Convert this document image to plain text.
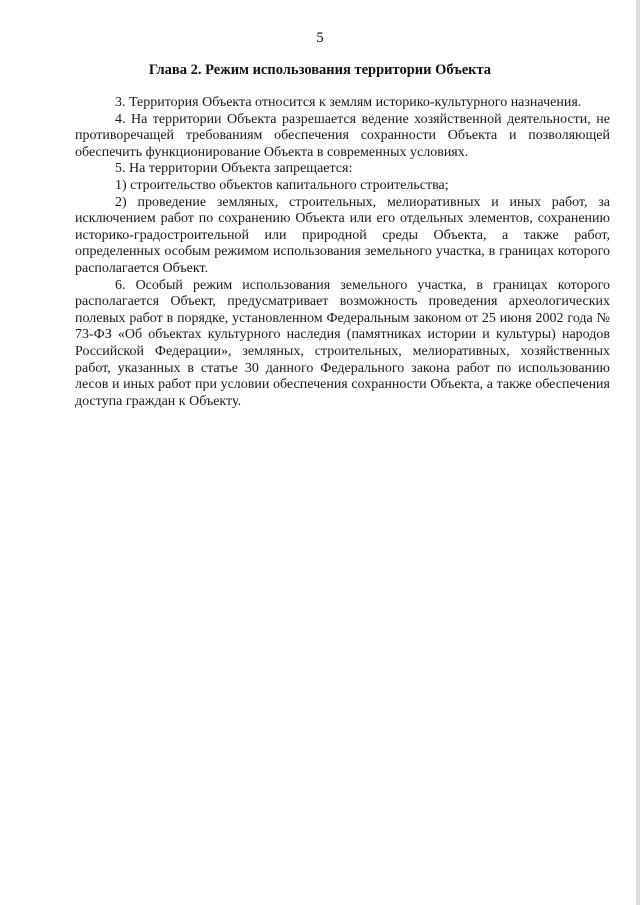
5
Глава 2. Режим использования территории Объекта

3. Территория Объекта относится к землям историко-культурного назначения.

4. На территории Объекта разрешается ведение хозяйственной деятельности, не противоречащей требованиям обеспечения сохранности Объекта и позволяющей обеспечить функционирование Объекта в современных условиях.

5. На территории Объекта запрещается:

1) строительство объектов капитального строительства;

2) проведение земляных, строительных, мелиоративных и иных работ, за исключением работ по сохранению Объекта или его отдельных элементов, сохранению историко-градостроительной или природной среды Объекта, а также работ, определенных особым режимом использования земельного участка, в границах которого располагается Объект.

6. Особый режим использования земельного участка, в границах которого располагается Объект, предусматривает возможность проведения археологических полевых работ в порядке, установленном Федеральным законом от 25 июня 2002 года № 73-ФЗ «Об объектах культурного наследия (памятниках истории и культуры) народов Российской Федерации», земляных, строительных, мелиоративных, хозяйственных работ, указанных в статье 30 данного Федерального закона работ по использованию лесов и иных работ при условии обеспечения сохранности Объекта, а также обеспечения доступа граждан к Объекту.
